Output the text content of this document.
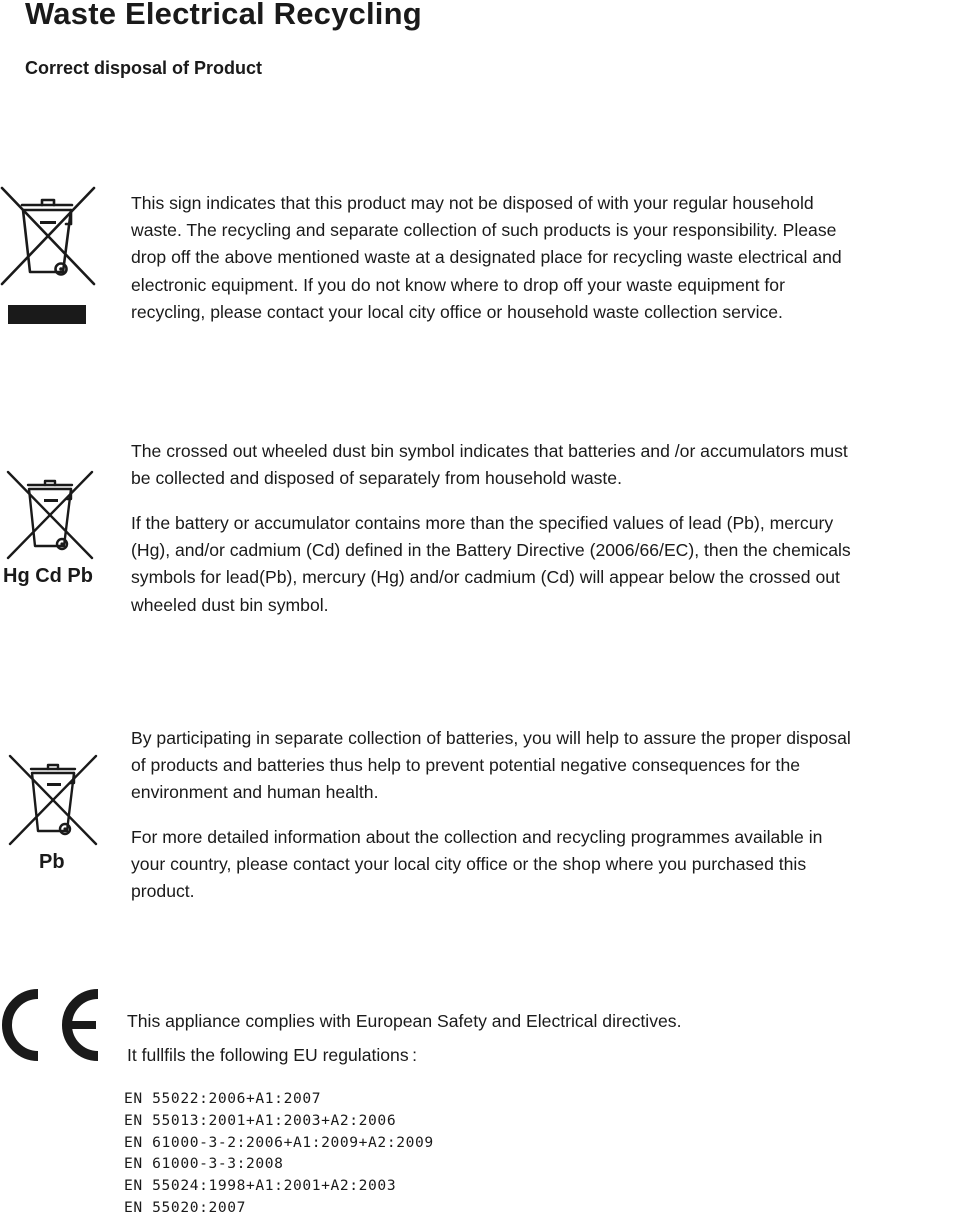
Waste Electrical Recycling
Correct disposal of Product
This sign indicates that this product may not be disposed of with your regular household
waste. The recycling and separate collection of such products is your responsibility. Please
drop off the above mentioned waste at a designated place for recycling waste electrical and
electronic equipment. If you do not know where to drop off your waste equipment for
recycling, please contact your local city office or household waste collection service.
Hg Cd Pb
The crossed out wheeled dust bin symbol indicates that batteries and /or accumulators must
be collected and disposed of separately from household waste.
If the battery or accumulator contains more than the specified values of lead (Pb), mercury
(Hg), and/or cadmium (Cd) defined in the Battery Directive (2006/66/EC), then the chemicals
symbols for lead(Pb), mercury (Hg) and/or cadmium (Cd) will appear below the crossed out
wheeled dust bin symbol.
Pb
By participating in separate collection of batteries, you will help to assure the proper disposal
of products and batteries thus help to prevent potential negative consequences for the
environment and human health.
For more detailed information about the collection and recycling programmes available in
your country, please contact your local city office or the shop where you purchased this
product.
This appliance complies with European Safety and Electrical directives.
It fullfils the following EU regulations :
EN 55022:2006+A1:2007
EN 55013:2001+A1:2003+A2:2006
EN 61000-3-2:2006+A1:2009+A2:2009
EN 61000-3-3:2008
EN 55024:1998+A1:2001+A2:2003
EN 55020:2007
